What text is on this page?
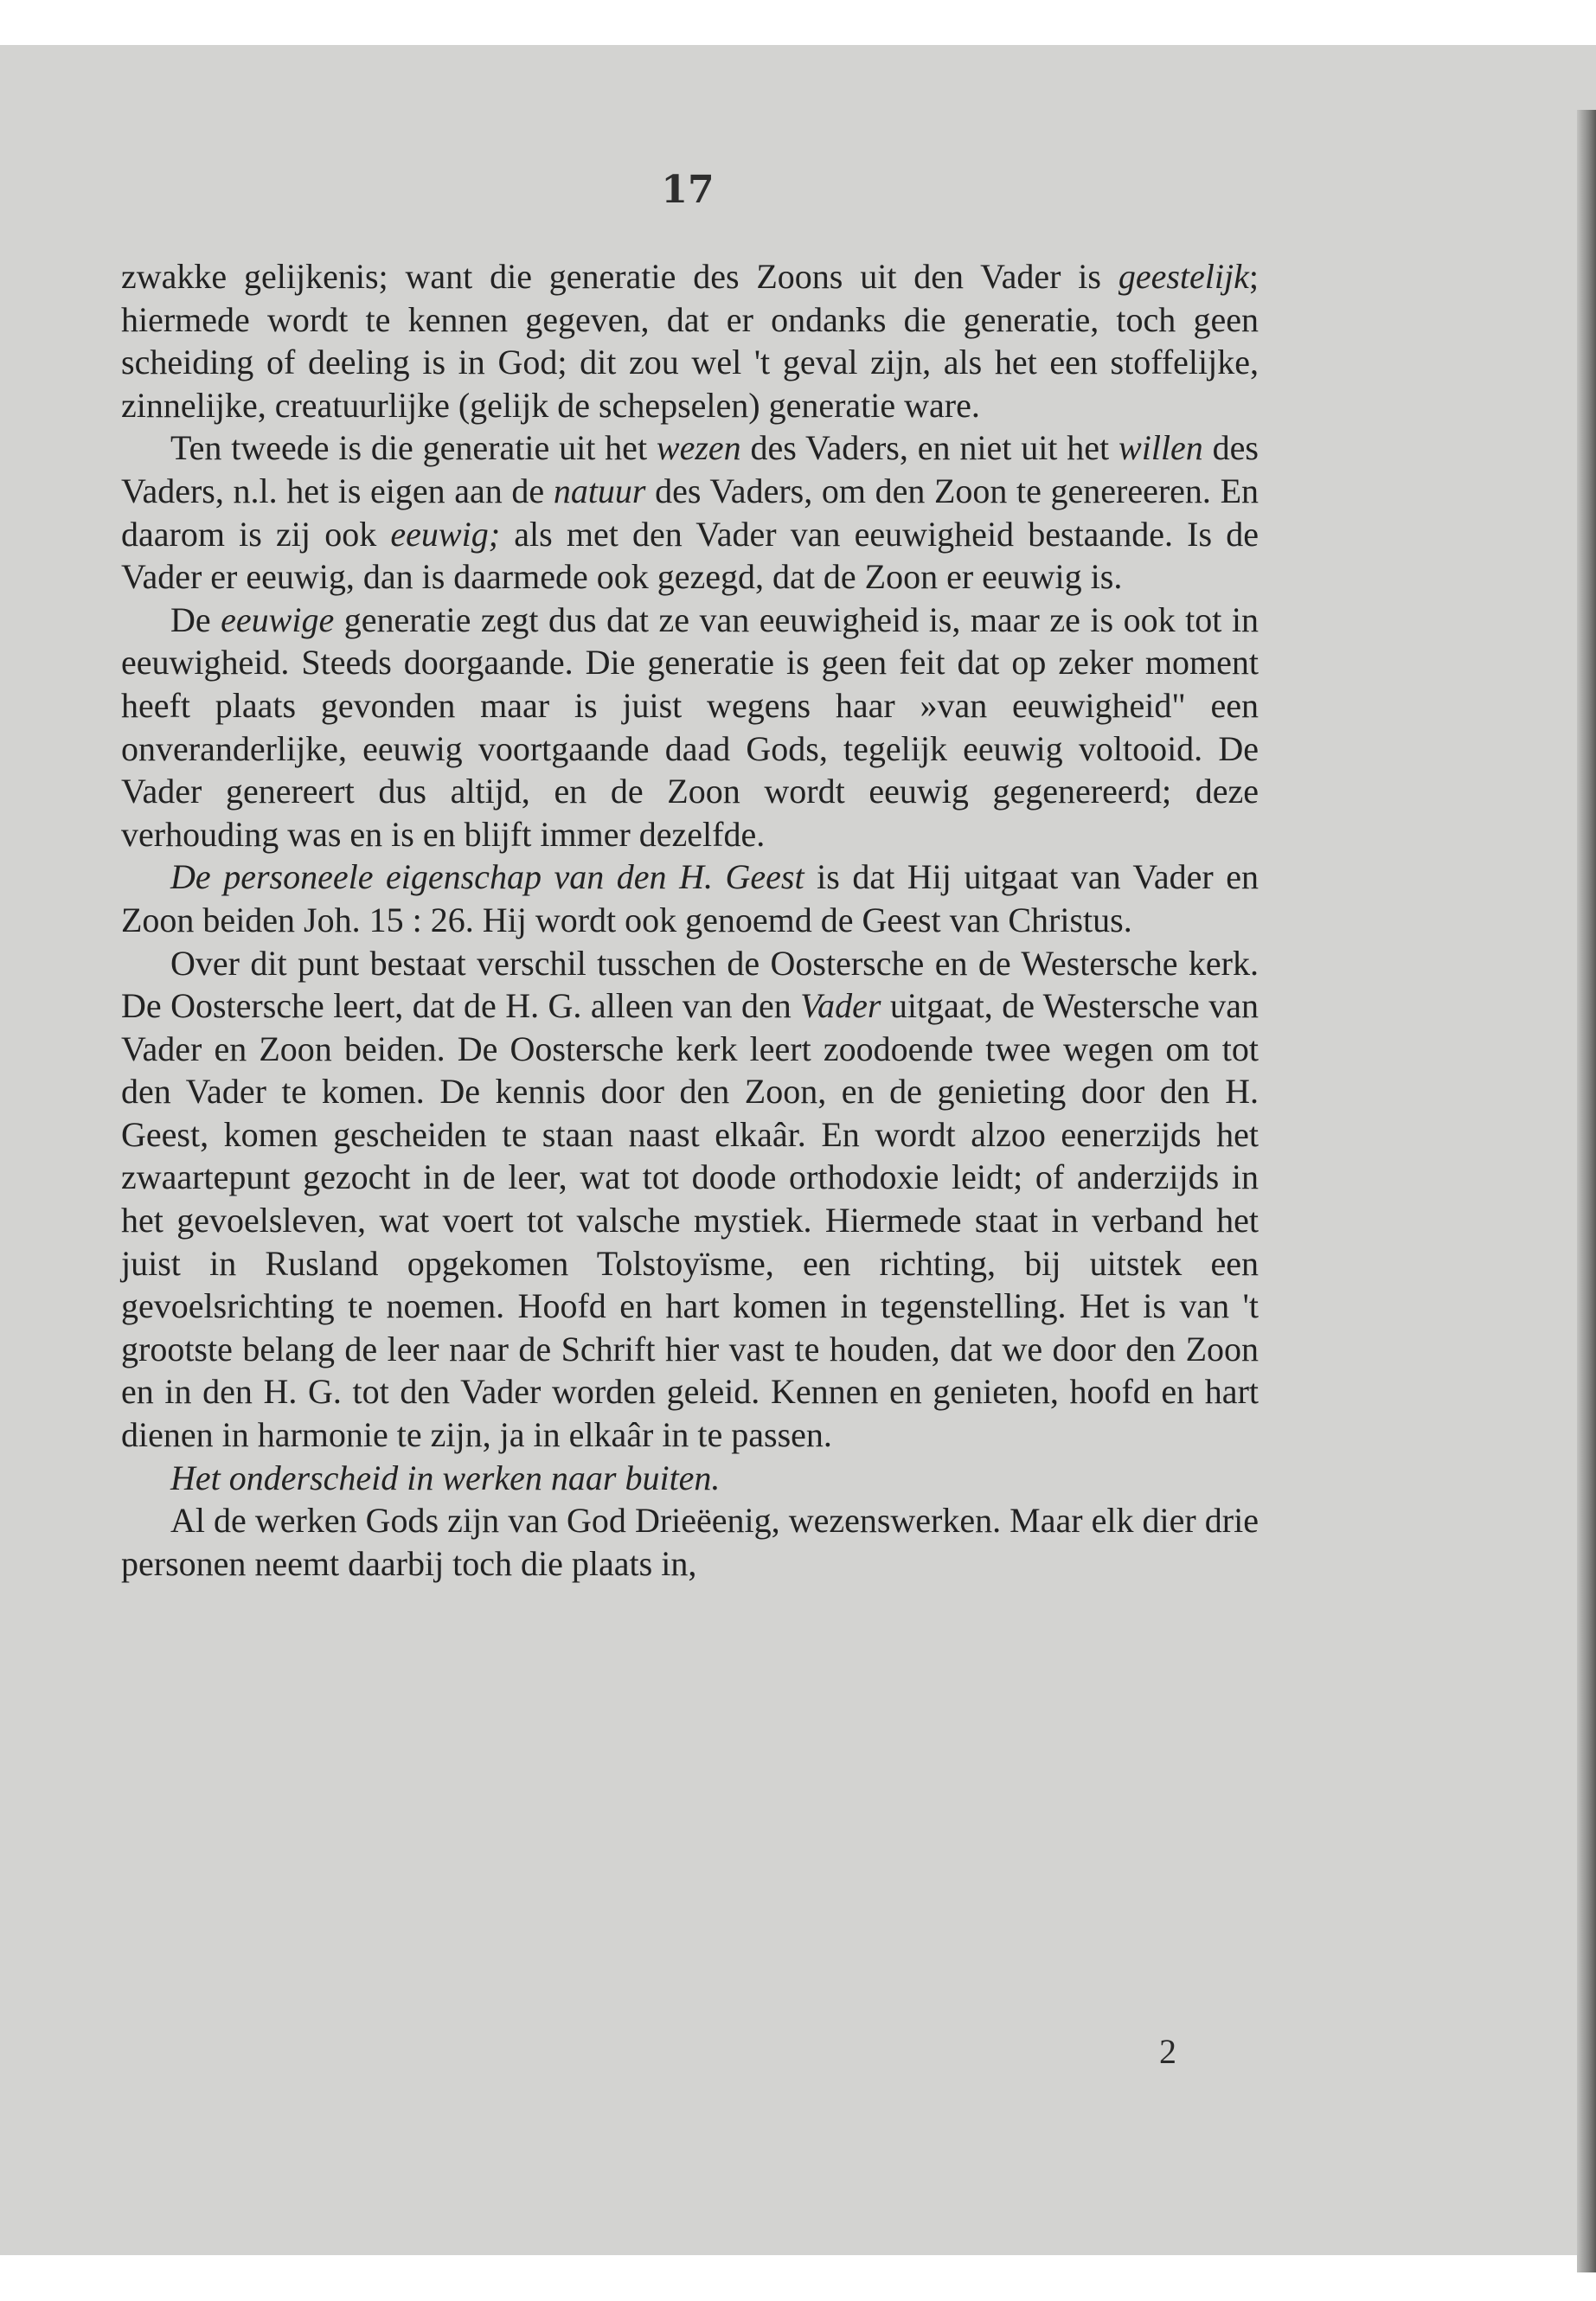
17

zwakke gelijkenis; want die generatie des Zoons uit den Vader is geestelijk; hiermede wordt te kennen gegeven, dat er ondanks die generatie, toch geen scheiding of deeling is in God; dit zou wel 't geval zijn, als het een stoffelijke, zinnelijke, creatuurlijke (gelijk de schepselen) generatie ware.

Ten tweede is die generatie uit het wezen des Vaders, en niet uit het willen des Vaders, n.l. het is eigen aan de natuur des Vaders, om den Zoon te genereeren. En daarom is zij ook eeuwig; als met den Vader van eeuwigheid bestaande. Is de Vader er eeuwig, dan is daarmede ook gezegd, dat de Zoon er eeuwig is.

De eeuwige generatie zegt dus dat ze van eeuwigheid is, maar ze is ook tot in eeuwigheid. Steeds doorgaande. Die generatie is geen feit dat op zeker moment heeft plaats gevonden maar is juist wegens haar »van eeuwigheid" een onveranderlijke, eeuwig voortgaande daad Gods, tegelijk eeuwig voltooid. De Vader genereert dus altijd, en de Zoon wordt eeuwig gegenereerd; deze verhouding was en is en blijft immer dezelfde.

De personeele eigenschap van den H. Geest is dat Hij uitgaat van Vader en Zoon beiden Joh. 15 : 26. Hij wordt ook genoemd de Geest van Christus.

Over dit punt bestaat verschil tusschen de Oostersche en de Westersche kerk. De Oostersche leert, dat de H. G. alleen van den Vader uitgaat, de Westersche van Vader en Zoon beiden. De Oostersche kerk leert zoodoende twee wegen om tot den Vader te komen. De kennis door den Zoon, en de genieting door den H. Geest, komen gescheiden te staan naast elkaâr. En wordt alzoo eenerzijds het zwaartepunt gezocht in de leer, wat tot doode orthodoxie leidt; of anderzijds in het gevoelsleven, wat voert tot valsche mystiek. Hiermede staat in verband het juist in Rusland opgekomen Tolstoyïsme, een richting, bij uitstek een gevoelsrichting te noemen. Hoofd en hart komen in tegenstelling. Het is van 't grootste belang de leer naar de Schrift hier vast te houden, dat we door den Zoon en in den H. G. tot den Vader worden geleid. Kennen en genieten, hoofd en hart dienen in harmonie te zijn, ja in elkaâr in te passen.

Het onderscheid in werken naar buiten.

Al de werken Gods zijn van God Drieëenig, wezenswerken. Maar elk dier drie personen neemt daarbij toch die plaats in,

2
